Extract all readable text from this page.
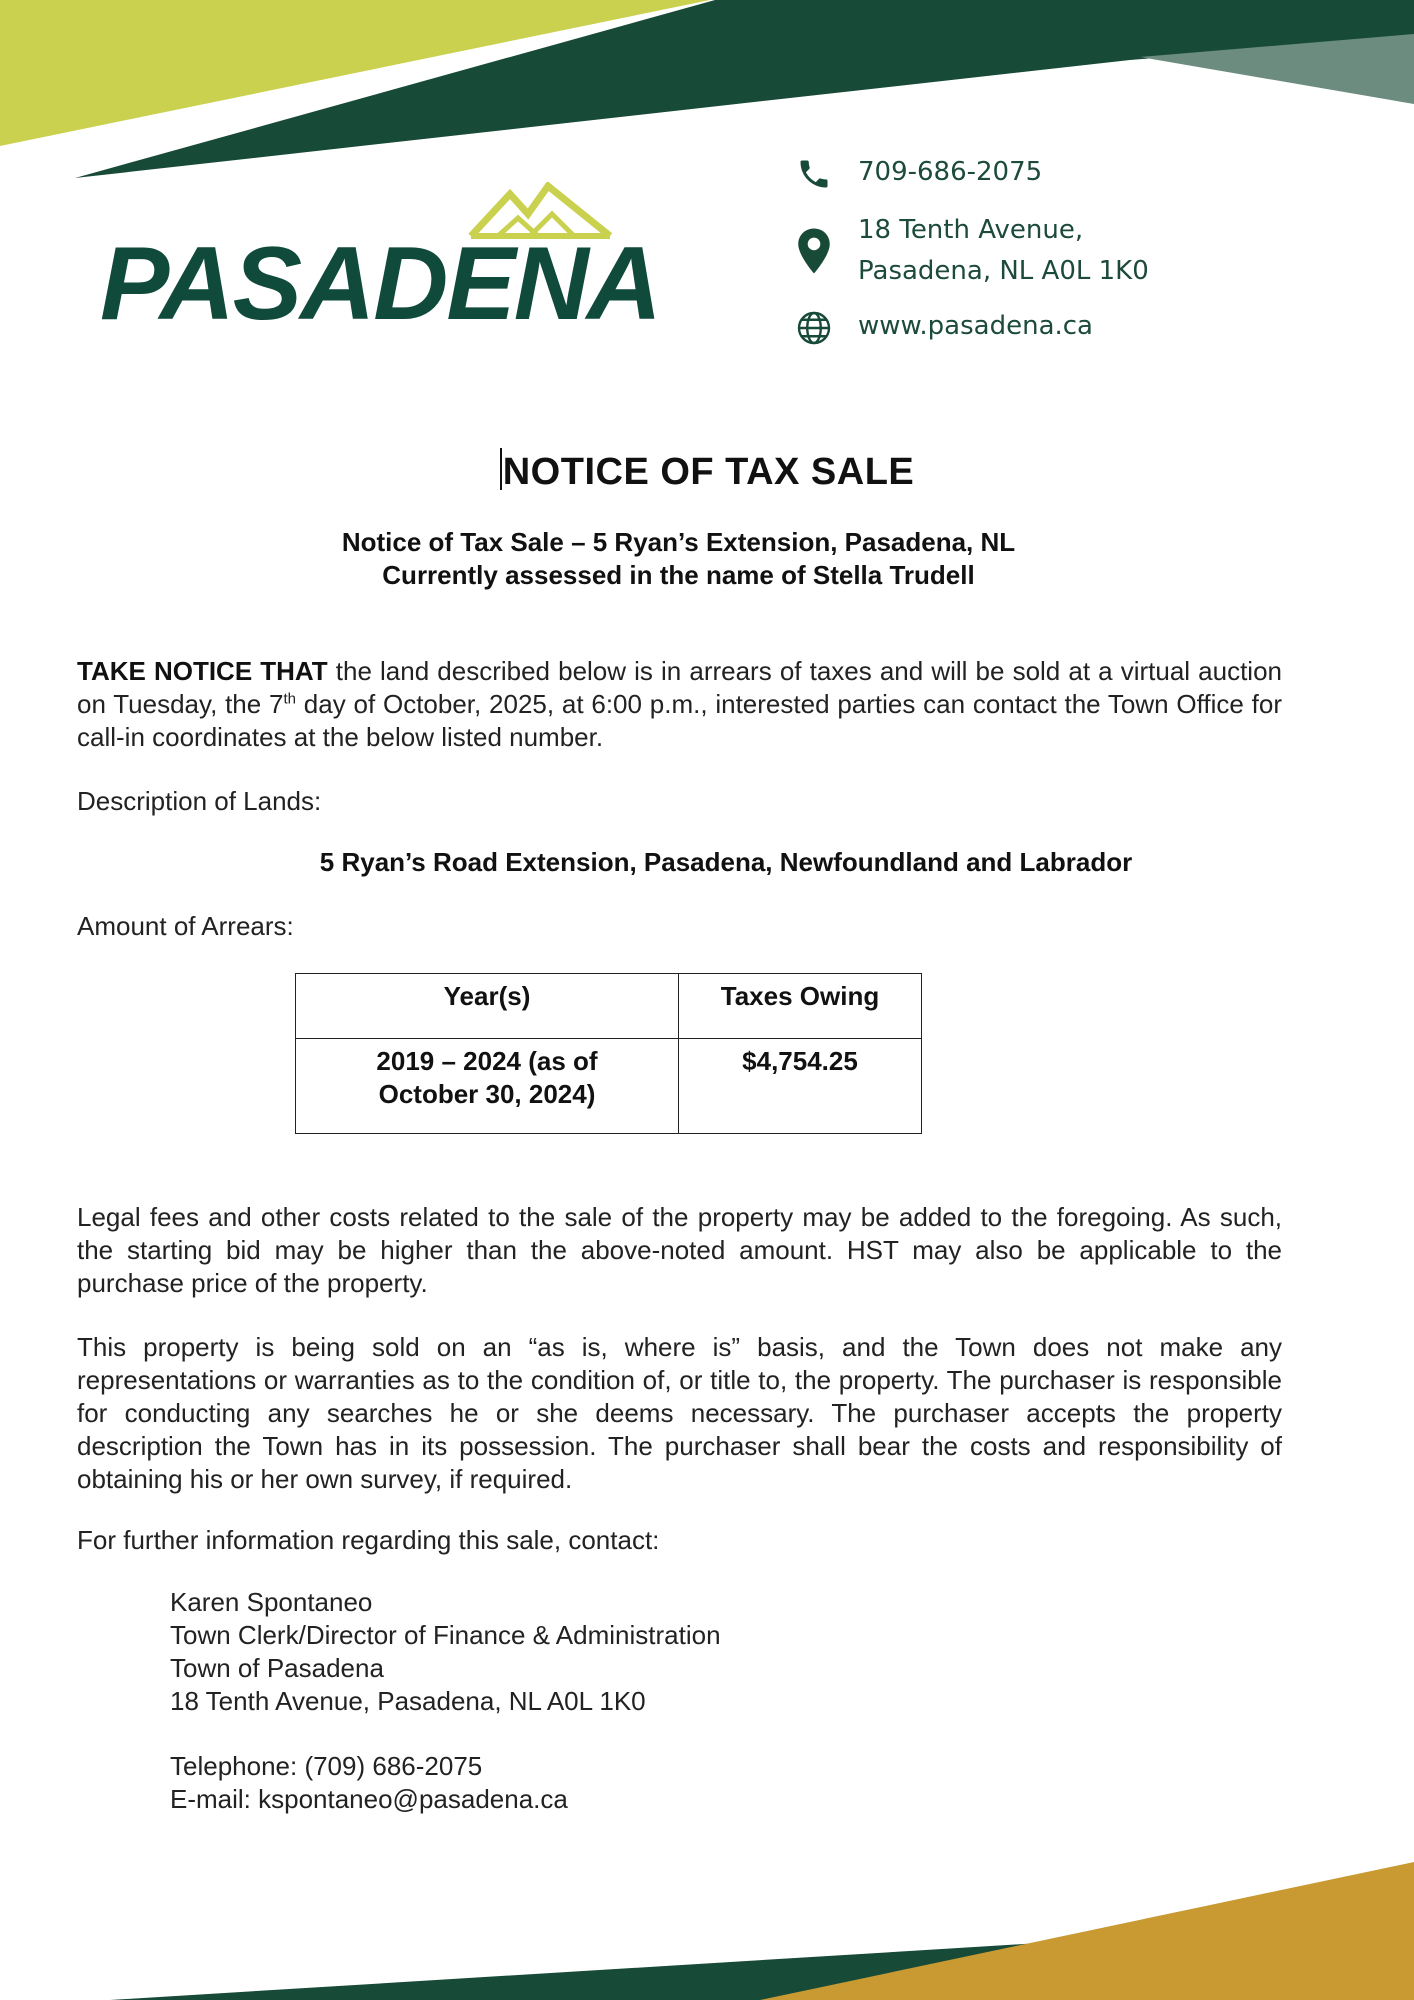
PASADENA
709-686-2075
18 Tenth Avenue,
Pasadena, NL A0L 1K0
www.pasadena.ca
NOTICE OF TAX SALE
Notice of Tax Sale – 5 Ryan’s Extension, Pasadena, NL
Currently assessed in the name of Stella Trudell
TAKE NOTICE THAT the land described below is in arrears of taxes and will be sold at a virtual auction on Tuesday, the 7th day of October, 2025, at 6:00 p.m., interested parties can contact the Town Office for call-in coordinates at the below listed number.
Description of Lands:
5 Ryan’s Road Extension, Pasadena, Newfoundland and Labrador
Amount of Arrears:
Year(s)	Taxes Owing
2019 – 2024 (as of October 30, 2024)	$4,754.25
Legal fees and other costs related to the sale of the property may be added to the foregoing. As such, the starting bid may be higher than the above-noted amount. HST may also be applicable to the purchase price of the property.
This property is being sold on an “as is, where is” basis, and the Town does not make any representations or warranties as to the condition of, or title to, the property. The purchaser is responsible for conducting any searches he or she deems necessary. The purchaser accepts the property description the Town has in its possession. The purchaser shall bear the costs and responsibility of obtaining his or her own survey, if required.
For further information regarding this sale, contact:
Karen Spontaneo
Town Clerk/Director of Finance & Administration
Town of Pasadena
18 Tenth Avenue, Pasadena, NL A0L 1K0
Telephone: (709) 686-2075
E-mail: kspontaneo@pasadena.ca
